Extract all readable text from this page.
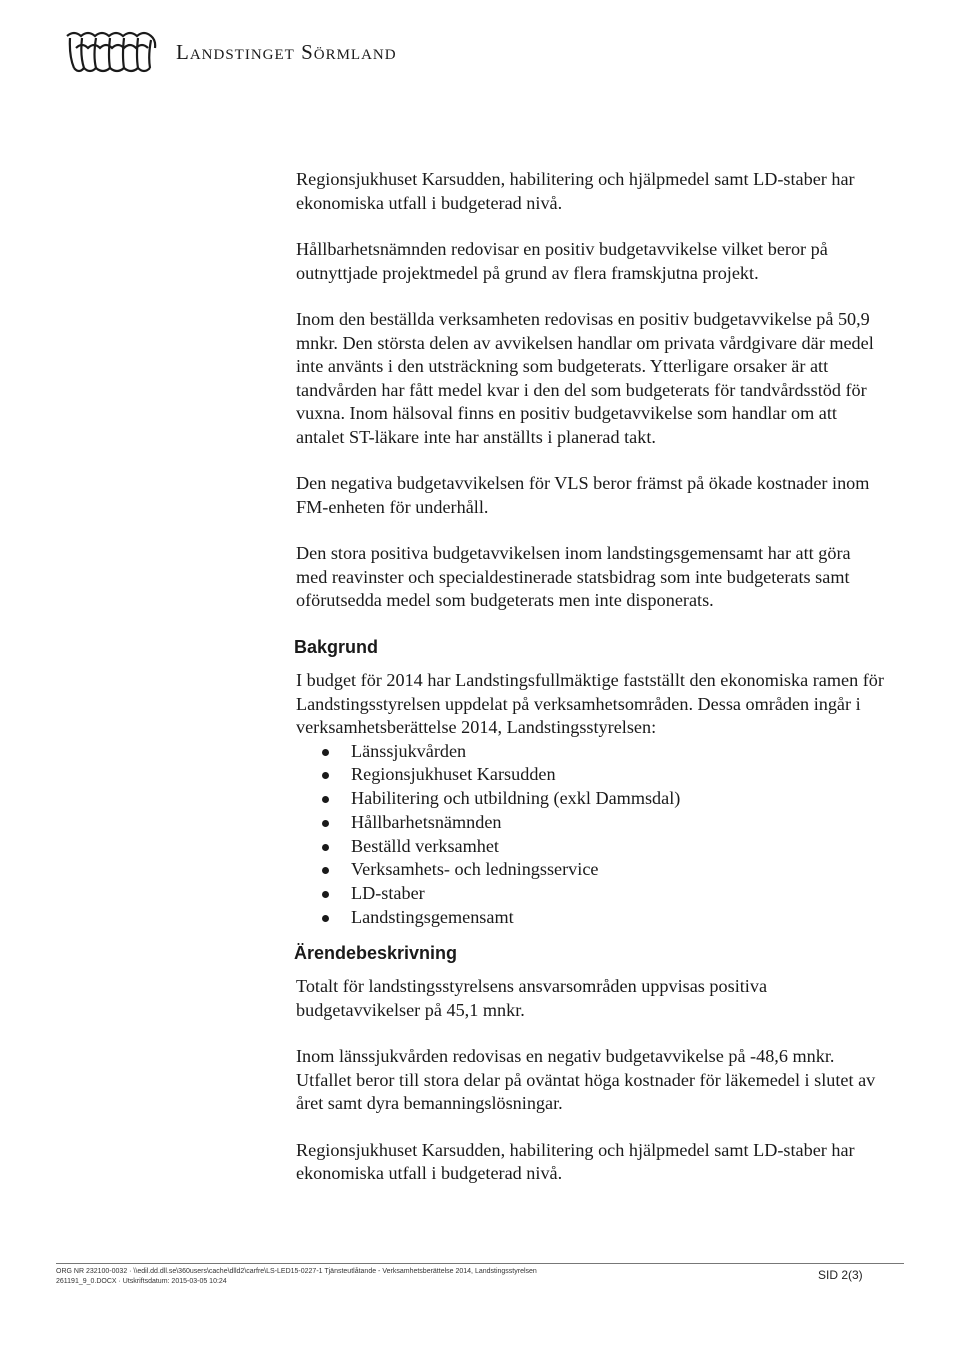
Landstinget Sörmland

Regionsjukhuset Karsudden, habilitering och hjälpmedel samt LD-staber har ekonomiska utfall i budgeterad nivå.

Hållbarhetsnämnden redovisar en positiv budgetavvikelse vilket beror på outnyttjade projektmedel på grund av flera framskjutna projekt.

Inom den beställda verksamheten redovisas en positiv budgetavvikelse på 50,9 mnkr. Den största delen av avvikelsen handlar om privata vårdgivare där medel inte använts i den utsträckning som budgeterats. Ytterligare orsaker är att tandvården har fått medel kvar i den del som budgeterats för tandvårdsstöd för vuxna. Inom hälsoval finns en positiv budgetavvikelse som handlar om att antalet ST-läkare inte har anställts i planerad takt.

Den negativa budgetavvikelsen för VLS beror främst på ökade kostnader inom FM-enheten för underhåll.

Den stora positiva budgetavvikelsen inom landstingsgemensamt har att göra med reavinster och specialdestinerade statsbidrag som inte budgeterats samt oförutsedda medel som budgeterats men inte disponerats.

Bakgrund

I budget för 2014 har Landstingsfullmäktige fastställt den ekonomiska ramen för Landstingsstyrelsen uppdelat på verksamhetsområden. Dessa områden ingår i verksamhetsberättelse 2014, Landstingsstyrelsen:

Länssjukvården
Regionsjukhuset Karsudden
Habilitering och utbildning (exkl Dammsdal)
Hållbarhetsnämnden
Beställd verksamhet
Verksamhets- och ledningsservice
LD-staber
Landstingsgemensamt
Ärendebeskrivning

Totalt för landstingsstyrelsens ansvarsområden uppvisas positiva budgetavvikelser på 45,1 mnkr.

Inom länssjukvården redovisas en negativ budgetavvikelse på -48,6 mnkr. Utfallet beror till stora delar på oväntat höga kostnader för läkemedel i slutet av året samt dyra bemanningslösningar.

Regionsjukhuset Karsudden, habilitering och hjälpmedel samt LD-staber har ekonomiska utfall i budgeterad nivå.

ORG NR 232100-0032 · \\edil.dd.dll.se\360users\cache\dlld2\carfre\LS-LED15-0227-1 Tjänsteutlåtande - Verksamhetsberättelse 2014, Landstingsstyrelsen
261191_9_0.DOCX · Utskriftsdatum: 2015-03-05 10:24	SID 2(3)
